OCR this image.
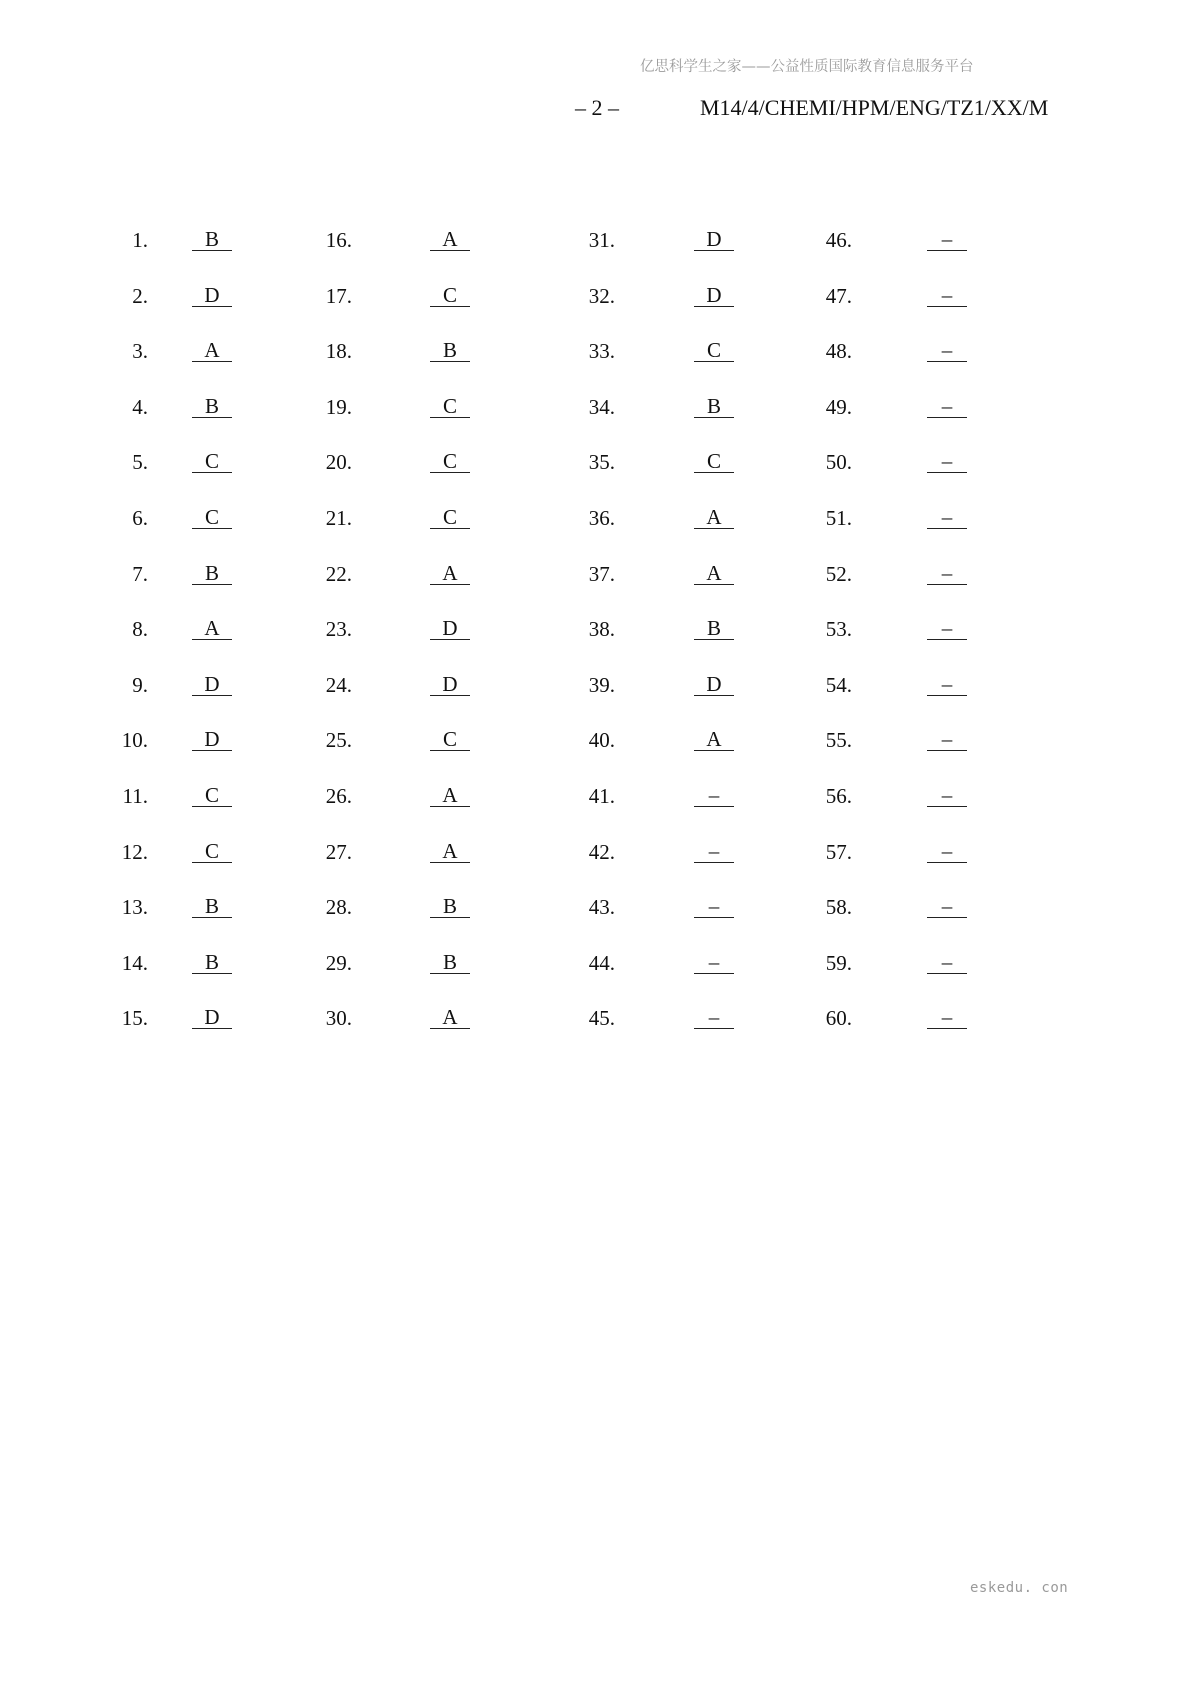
亿思科学生之家——公益性质国际教育信息服务平台
– 2 –	M14/4/CHEMI/HPM/ENG/TZ1/XX/M
1.	B
2.	D
3.	A
4.	B
5.	C
6.	C
7.	B
8.	A
9.	D
10.	D
11.	C
12.	C
13.	B
14.	B
15.	D
16.	A
17.	C
18.	B
19.	C
20.	C
21.	C
22.	A
23.	D
24.	D
25.	C
26.	A
27.	A
28.	B
29.	B
30.	A
31.	D
32.	D
33.	C
34.	B
35.	C
36.	A
37.	A
38.	B
39.	D
40.	A
41.	–
42.	–
43.	–
44.	–
45.	–
46.	–
47.	–
48.	–
49.	–
50.	–
51.	–
52.	–
53.	–
54.	–
55.	–
56.	–
57.	–
58.	–
59.	–
60.	–
eskedu. con
